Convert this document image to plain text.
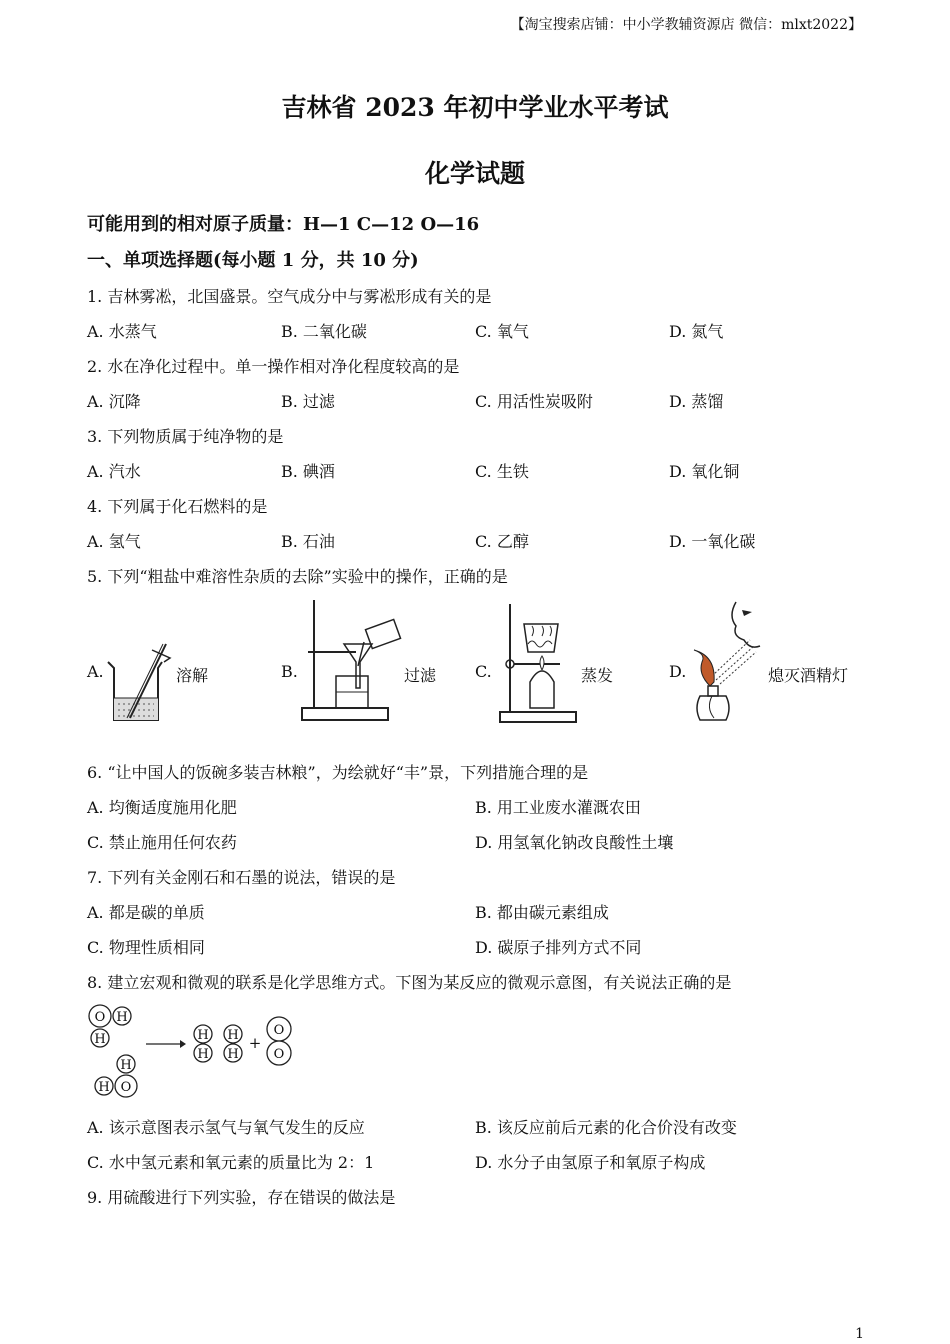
【淘宝搜索店铺：中小学教辅资源店 微信：mlxt2022】
吉林省 2023 年初中学业水平考试
化学试题
可能用到的相对原子质量：H—1 C—12 O—16
一、单项选择题(每小题 1 分，共 10 分)
1. 吉林雾凇，北国盛景。空气成分中与雾凇形成有关的是
A. 水蒸气	B. 二氧化碳	C. 氧气	D. 氮气
2. 水在净化过程中。单一操作相对净化程度较高的是
A. 沉降	B. 过滤	C. 用活性炭吸附	D. 蒸馏
3. 下列物质属于纯净物的是
A. 汽水	B. 碘酒	C. 生铁	D. 氧化铜
4. 下列属于化石燃料的是
A. 氢气	B. 石油	C. 乙醇	D. 一氧化碳
5. 下列“粗盐中难溶性杂质的去除”实验中的操作，正确的是
A.	B.	C.	D.
溶解	过滤	蒸发	熄灭酒精灯
6. “让中国人的饭碗多装吉林粮”，为绘就好“丰”景，下列措施合理的是
A. 均衡适度施用化肥	B. 用工业废水灌溉农田
C. 禁止施用任何农药	D. 用氢氧化钠改良酸性土壤
7. 下列有关金刚石和石墨的说法，错误的是
A. 都是碳的单质	B. 都由碳元素组成
C. 物理性质相同	D. 碳原子排列方式不同
8. 建立宏观和微观的联系是化学思维方式。下图为某反应的微观示意图，有关说法正确的是
O H
H
H
H O
H
H
H
H
+
O
O
A. 该示意图表示氢气与氧气发生的反应	B. 该反应前后元素的化合价没有改变
C. 水中氢元素和氧元素的质量比为 2：1	D. 水分子由氢原子和氧原子构成
9. 用硫酸进行下列实验，存在错误的做法是
1
